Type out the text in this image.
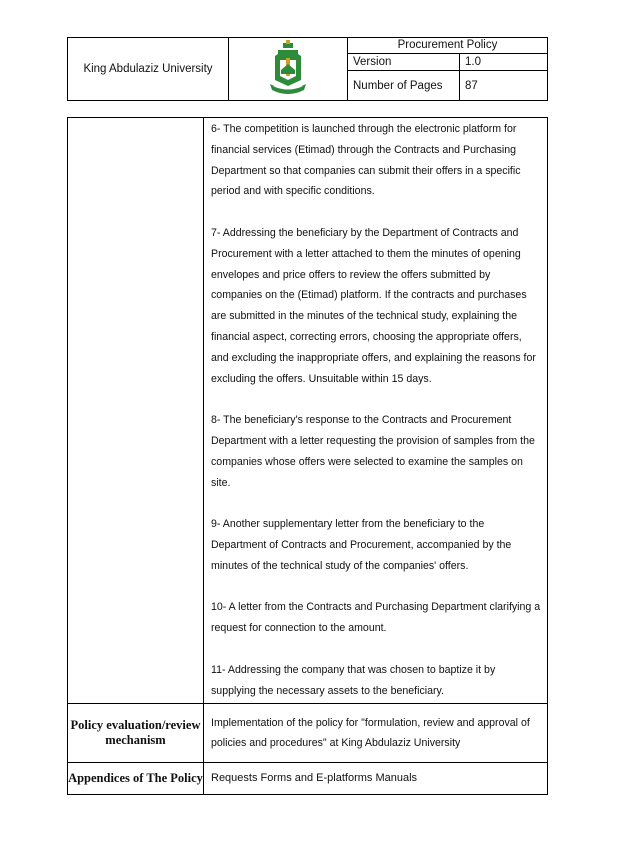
King Abdulaziz University
Procurement Policy
Version	1.0
Number of Pages	87

6- The competition is launched through the electronic platform for financial services (Etimad) through the Contracts and Purchasing Department so that companies can submit their offers in a specific period and with specific conditions.

7- Addressing the beneficiary by the Department of Contracts and Procurement with a letter attached to them the minutes of opening envelopes and price offers to review the offers submitted by companies on the (Etimad) platform. If the contracts and purchases are submitted in the minutes of the technical study, explaining the financial aspect, correcting errors, choosing the appropriate offers, and excluding the inappropriate offers, and explaining the reasons for excluding the offers. Unsuitable within 15 days.

8- The beneficiary's response to the Contracts and Procurement Department with a letter requesting the provision of samples from the companies whose offers were selected to examine the samples on site.

9- Another supplementary letter from the beneficiary to the Department of Contracts and Procurement, accompanied by the minutes of the technical study of the companies' offers.

10- A letter from the Contracts and Purchasing Department clarifying a request for connection to the amount.

11- Addressing the company that was chosen to baptize it by supplying the necessary assets to the beneficiary.

Policy evaluation/review mechanism
Implementation of the policy for "formulation, review and approval of policies and procedures" at King Abdulaziz University
Appendices of The Policy Requests Forms and E-platforms Manuals
